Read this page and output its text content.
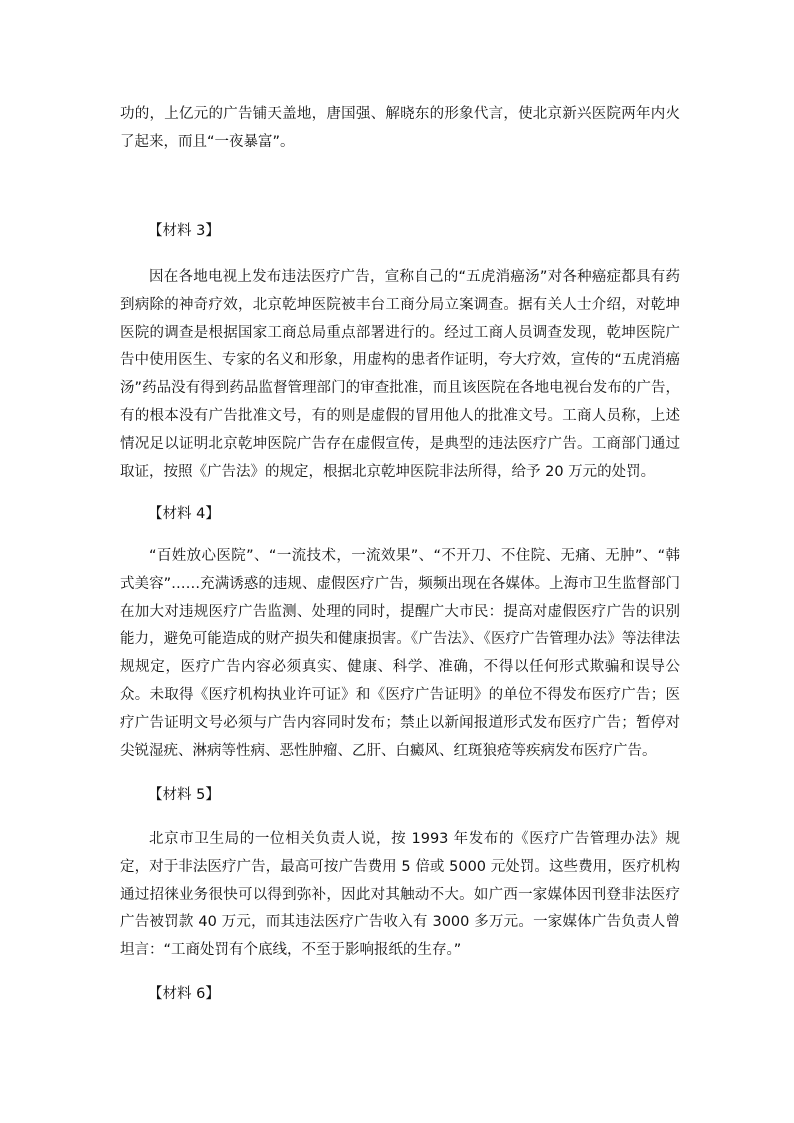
功的，上亿元的广告铺天盖地，唐国强、解晓东的形象代言，使北京新兴医院两年内火了起来，而且“一夜暴富”。

【材料 3】

因在各地电视上发布违法医疗广告，宣称自己的“五虎消癌汤”对各种癌症都具有药到病除的神奇疗效，北京乾坤医院被丰台工商分局立案调查。据有关人士介绍，对乾坤医院的调查是根据国家工商总局重点部署进行的。经过工商人员调查发现，乾坤医院广告中使用医生、专家的名义和形象，用虚构的患者作证明，夸大疗效，宣传的“五虎消癌汤”药品没有得到药品监督管理部门的审查批准，而且该医院在各地电视台发布的广告，有的根本没有广告批准文号，有的则是虚假的冒用他人的批准文号。工商人员称，上述情况足以证明北京乾坤医院广告存在虚假宣传，是典型的违法医疗广告。工商部门通过取证，按照《广告法》的规定，根据北京乾坤医院非法所得，给予 20 万元的处罚。

【材料 4】

“百姓放心医院”、“一流技术，一流效果”、“不开刀、不住院、无痛、无肿”、“韩式美容”……充满诱惑的违规、虚假医疗广告，频频出现在各媒体。上海市卫生监督部门在加大对违规医疗广告监测、处理的同时，提醒广大市民：提高对虚假医疗广告的识别能力，避免可能造成的财产损失和健康损害。《广告法》、《医疗广告管理办法》等法律法规规定，医疗广告内容必须真实、健康、科学、准确，不得以任何形式欺骗和误导公众。未取得《医疗机构执业许可证》和《医疗广告证明》的单位不得发布医疗广告；医疗广告证明文号必须与广告内容同时发布；禁止以新闻报道形式发布医疗广告；暂停对尖锐湿疣、淋病等性病、恶性肿瘤、乙肝、白癜风、红斑狼疮等疾病发布医疗广告。

【材料 5】

北京市卫生局的一位相关负责人说，按 1993 年发布的《医疗广告管理办法》规定，对于非法医疗广告，最高可按广告费用 5 倍或 5000 元处罚。这些费用，医疗机构通过招徕业务很快可以得到弥补，因此对其触动不大。如广西一家媒体因刊登非法医疗广告被罚款 40 万元，而其违法医疗广告收入有 3000 多万元。一家媒体广告负责人曾坦言：“工商处罚有个底线，不至于影响报纸的生存。”

【材料 6】
